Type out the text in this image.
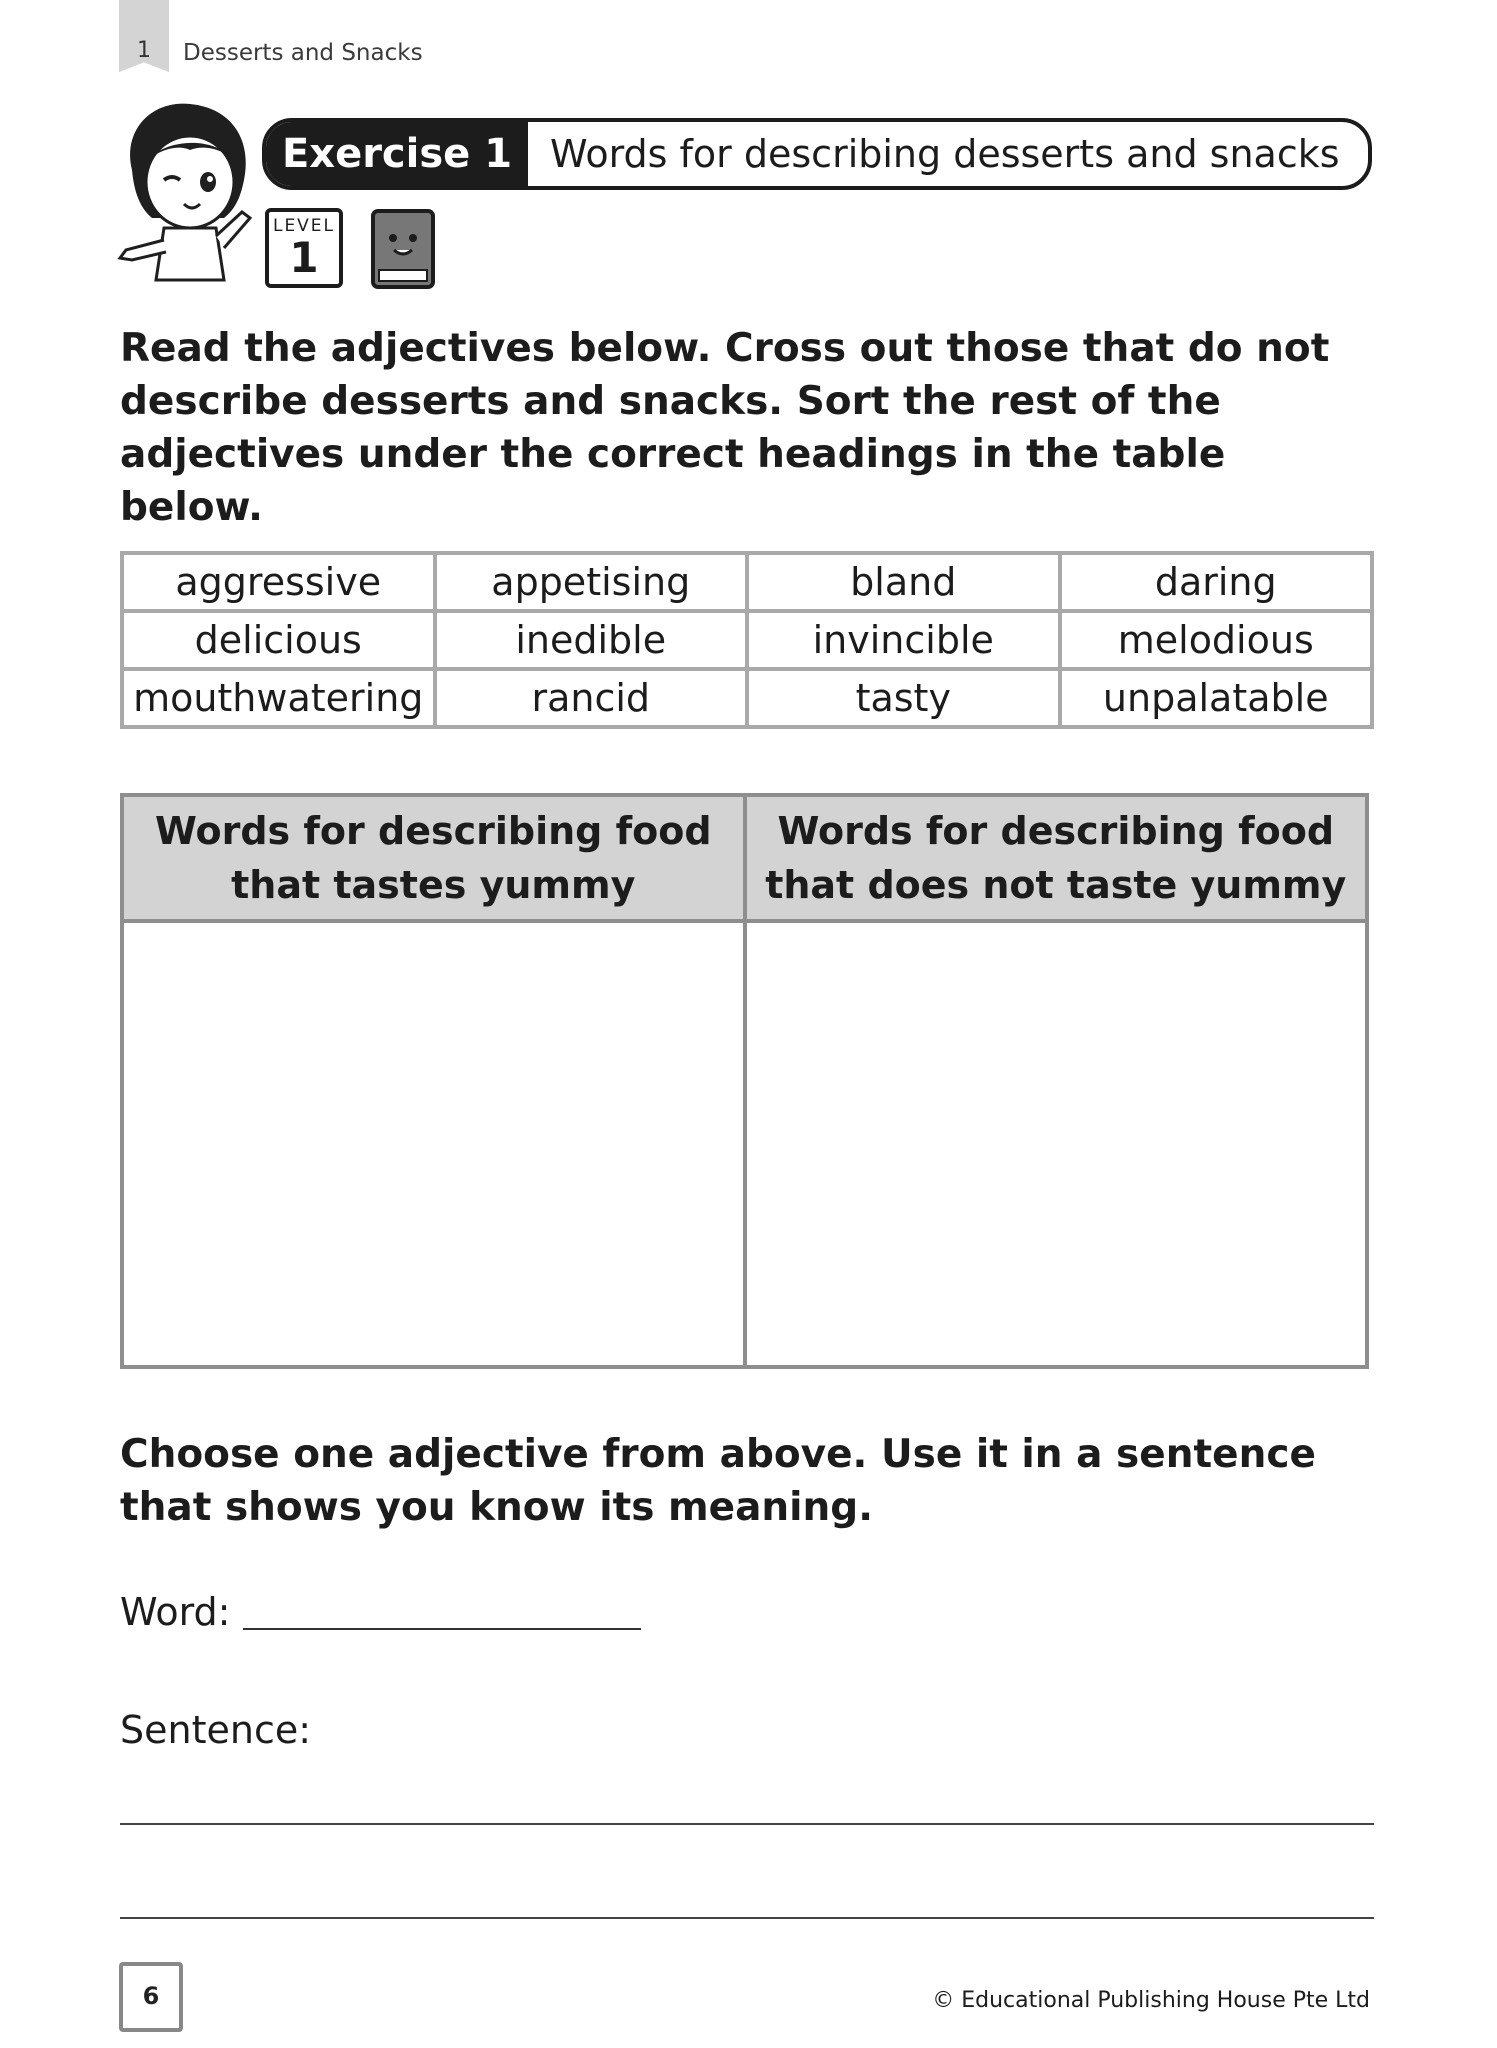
1	Desserts and Snacks
Exercise 1 Words for describing desserts and snacks
LEVEL
1

Read the adjectives below. Cross out those that do not describe desserts and snacks. Sort the rest of the adjectives under the correct headings in the table below.

aggressive	appetising	bland	daring
delicious	inedible	invincible	melodious
mouthwatering	rancid	tasty	unpalatable
Words for describing food that tastes yummy	Words for describing food that does not taste yummy

Choose one adjective from above. Use it in a sentence that shows you know its meaning.

Word:
Sentence:
6	© Educational Publishing House Pte Ltd
